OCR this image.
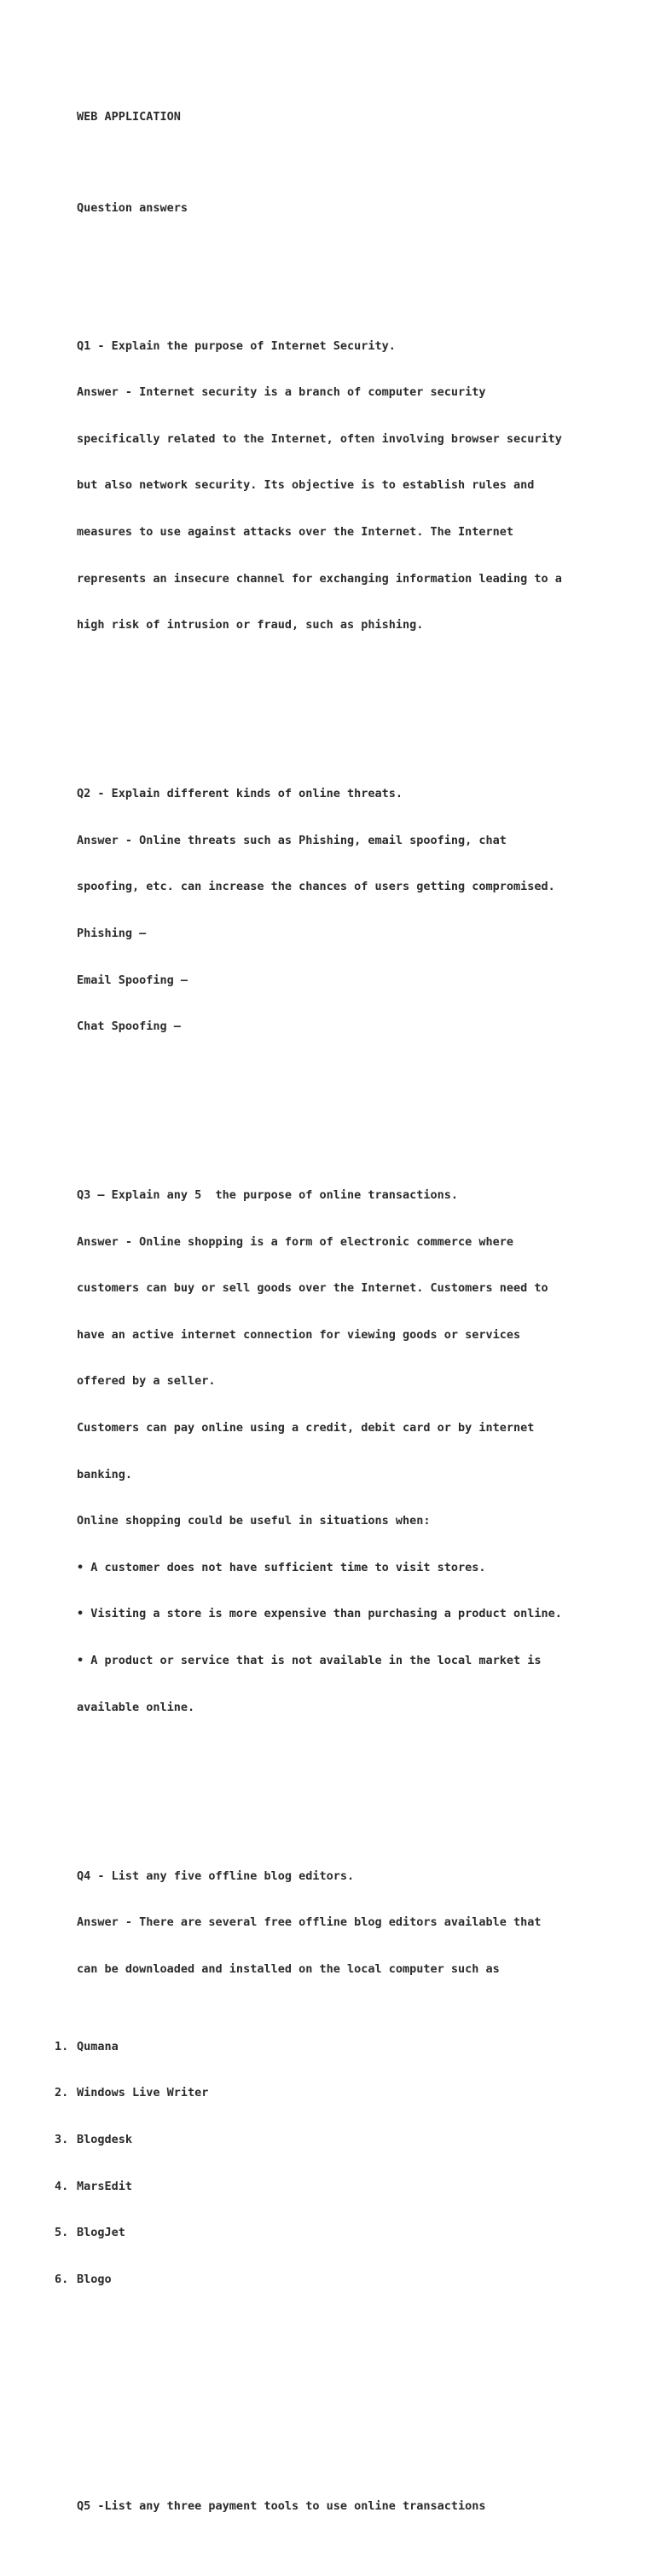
WEB APPLICATION

Question answers

Q1 - Explain the purpose of Internet Security.

Answer - Internet security is a branch of computer security

specifically related to the Internet, often involving browser security

but also network security. Its objective is to establish rules and

measures to use against attacks over the Internet. The Internet

represents an insecure channel for exchanging information leading to a

high risk of intrusion or fraud, such as phishing.

Q2 - Explain different kinds of online threats.

Answer - Online threats such as Phishing, email spoofing, chat

spoofing, etc. can increase the chances of users getting compromised.

Phishing –

Email Spoofing –

Chat Spoofing –

Q3 – Explain any 5  the purpose of online transactions.

Answer - Online shopping is a form of electronic commerce where

customers can buy or sell goods over the Internet. Customers need to

have an active internet connection for viewing goods or services

offered by a seller.

Customers can pay online using a credit, debit card or by internet

banking.

Online shopping could be useful in situations when:

• A customer does not have sufficient time to visit stores.

• Visiting a store is more expensive than purchasing a product online.

• A product or service that is not available in the local market is

available online.

Q4 - List any five offline blog editors.

Answer - There are several free offline blog editors available that

can be downloaded and installed on the local computer such as

1. Qumana

2. Windows Live Writer

3. Blogdesk

4. MarsEdit

5. BlogJet

6. Blogo

Q5 -List any three payment tools to use online transactions
